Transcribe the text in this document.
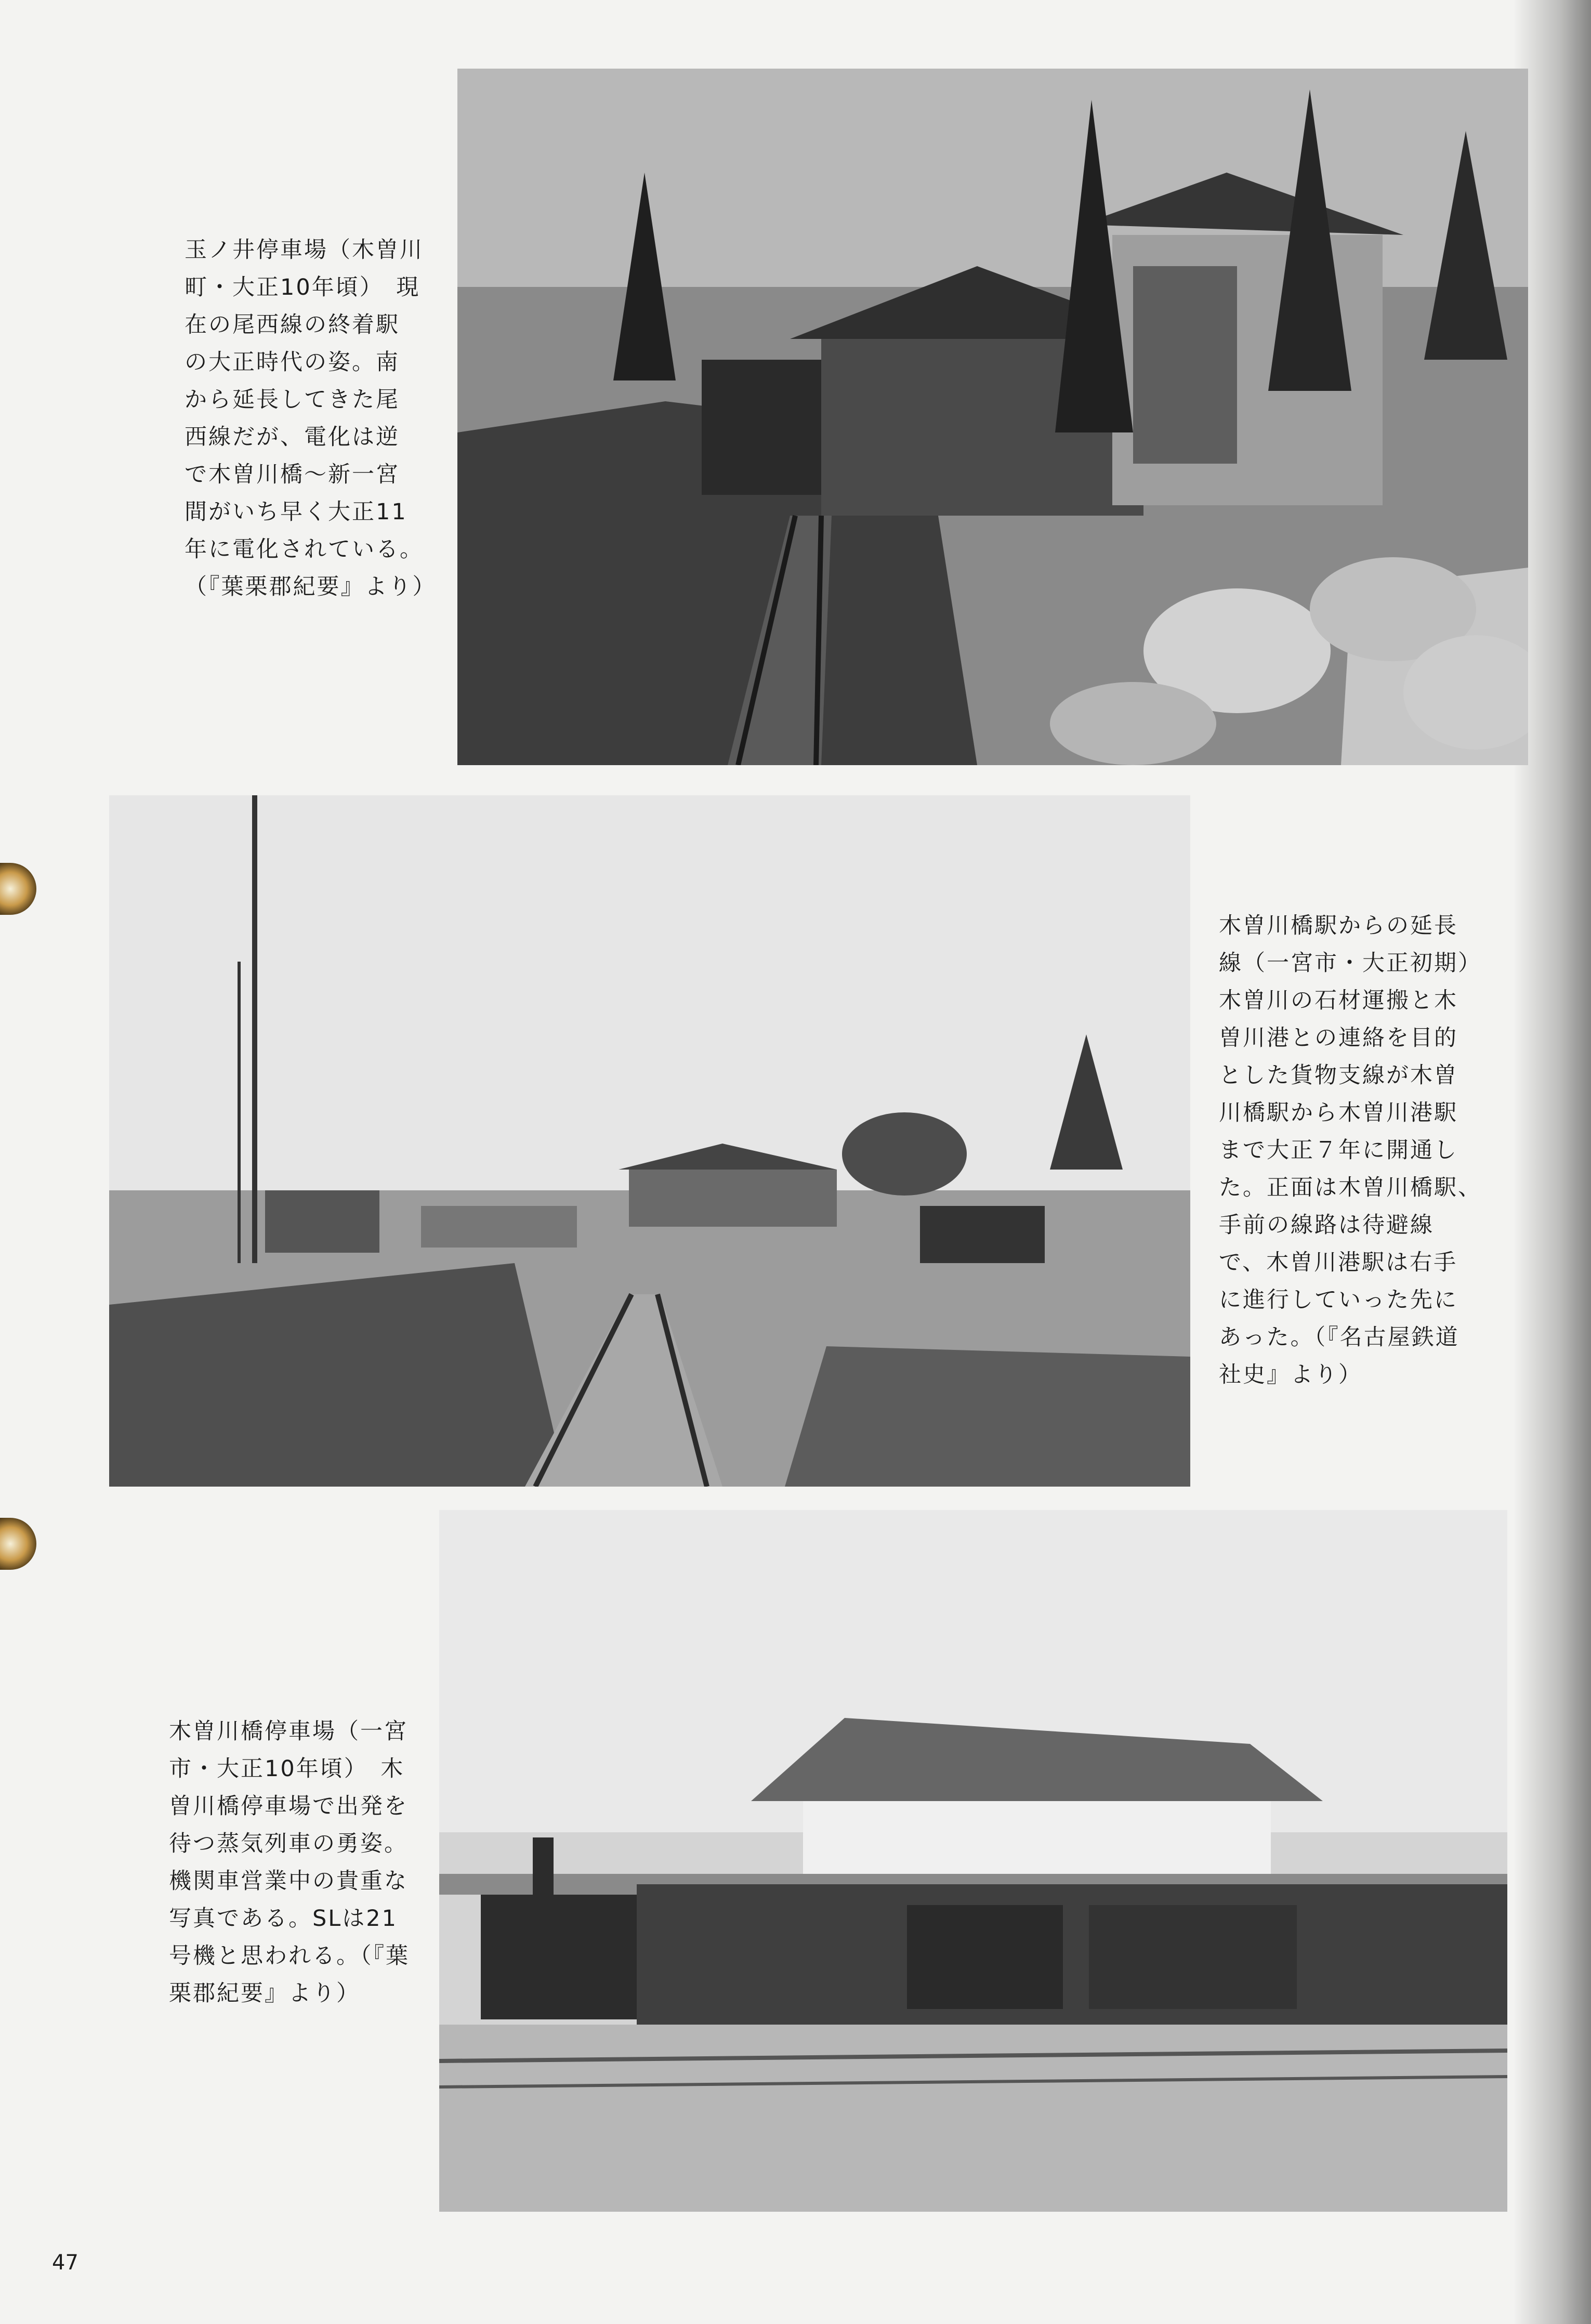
玉ノ井停車場（木曽川
町・大正10年頃）　現
在の尾西線の終着駅
の大正時代の姿。南
から延長してきた尾
西線だが、電化は逆
で木曽川橋〜新一宮
間がいち早く大正11
年に電化されている。
（『葉栗郡紀要』より）

木曽川橋駅からの延長
線（一宮市・大正初期）
木曽川の石材運搬と木
曽川港との連絡を目的
とした貨物支線が木曽
川橋駅から木曽川港駅
まで大正７年に開通し
た。正面は木曽川橋駅、
手前の線路は待避線
で、木曽川港駅は右手
に進行していった先に
あった。（『名古屋鉄道
社史』より）

木曽川橋停車場（一宮
市・大正10年頃）　木
曽川橋停車場で出発を
待つ蒸気列車の勇姿。
機関車営業中の貴重な
写真である。SLは21
号機と思われる。（『葉
栗郡紀要』より）

47
